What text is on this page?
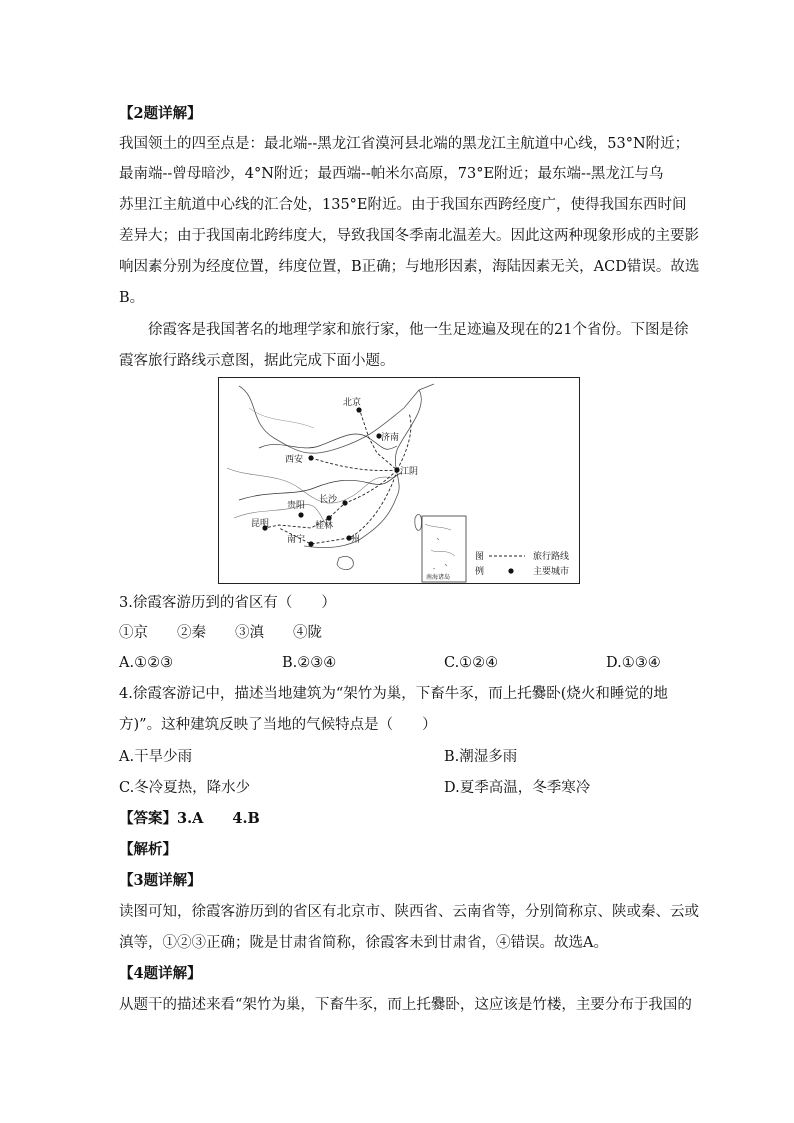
【2题详解】
我国领土的四至点是：最北端--黑龙江省漠河县北端的黑龙江主航道中心线，53°N附近；
最南端--曾母暗沙，4°N附近；最西端--帕米尔高原，73°E附近；最东端--黑龙江与乌
苏里江主航道中心线的汇合处，135°E附近。由于我国东西跨经度广，使得我国东西时间
差异大；由于我国南北跨纬度大，导致我国冬季南北温差大。因此这两种现象形成的主要影
响因素分别为经度位置，纬度位置，B正确；与地形因素，海陆因素无关，ACD错误。故选
B。
徐霞客是我国著名的地理学家和旅行家，他一生足迹遍及现在的21个省份。下图是徐
霞客旅行路线示意图，据此完成下面小题。
北京
济南
西安
江阴
长沙
贵阳
桂林
昆明
南宁	州
南海诸岛
图
例
旅行路线
主要城市
3.徐霞客游历到的省区有（　　）
①京　　②秦　　③滇　　④陇
A.①②③	B.②③④	C.①②④	D.①③④
4.徐霞客游记中，描述当地建筑为“架竹为巢，下畜牛豕，而上托爨卧(烧火和睡觉的地
方)”。这种建筑反映了当地的气候特点是（　　）
A.干旱少雨	B.潮湿多雨
C.冬冷夏热，降水少	D.夏季高温，冬季寒冷
【答案】3.A　　4.B
【解析】
【3题详解】
读图可知，徐霞客游历到的省区有北京市、陕西省、云南省等，分别简称京、陕或秦、云或
滇等，①②③正确；陇是甘肃省简称，徐霞客未到甘肃省，④错误。故选A。
【4题详解】
从题干的描述来看“架竹为巢，下畜牛豕，而上托爨卧，这应该是竹楼，主要分布于我国的
